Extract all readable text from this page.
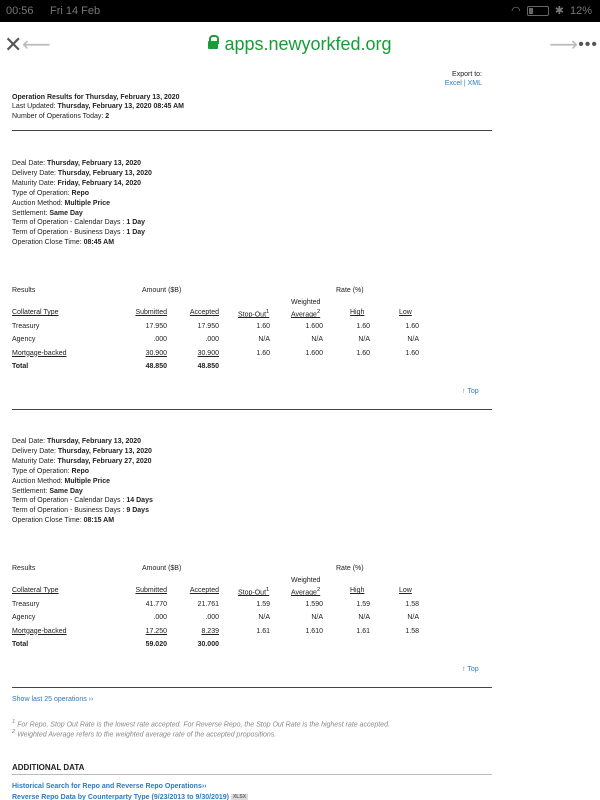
00:56 Fri 14 Feb	◠	✱ 12%
✕ ⟵	apps.newyorkfed.org	⟶ •••
Export to:
Excel | XML
Operation Results for Thursday, February 13, 2020
Last Updated: Thursday, February 13, 2020 08:45 AM
Number of Operations Today: 2
Deal Date: Thursday, February 13, 2020
Delivery Date: Thursday, February 13, 2020
Maturity Date: Friday, February 14, 2020
Type of Operation: Repo
Auction Method: Multiple Price
Settlement: Same Day
Term of Operation - Calendar Days : 1 Day
Term of Operation - Business Days : 1 Day
Operation Close Time: 08:45 AM
Results	Amount ($B)	Rate (%)
Weighted
Collateral Type	Submitted	Accepted	Stop-Out$^1$	Average$^2$	High	Low
Treasury	17.950	17.950	1.60	1.600	1.60	1.60
Agency	.000	.000	N/A	N/A	N/A	N/A
Mortgage-backed	30.900	30.900	1.60	1.600	1.60	1.60
Total	48.850	48.850
↑ Top
Deal Date: Thursday, February 13, 2020
Delivery Date: Thursday, February 13, 2020
Maturity Date: Thursday, February 27, 2020
Type of Operation: Repo
Auction Method: Multiple Price
Settlement: Same Day
Term of Operation - Calendar Days : 14 Days
Term of Operation - Business Days : 9 Days
Operation Close Time: 08:15 AM
Results	Amount ($B)	Rate (%)
Weighted
Collateral Type	Submitted	Accepted	Stop-Out$^1$	Average$^2$	High	Low
Treasury	41.770	21.761	1.59	1.590	1.59	1.58
Agency	.000	.000	N/A	N/A	N/A	N/A
Mortgage-backed	17.250	8.239	1.61	1.610	1.61	1.58
Total	59.020	30.000
↑ Top
Show last 25 operations ››
$^1$ For Repo, Stop Out Rate is the lowest rate accepted. For Reverse Repo, the Stop Out Rate is the highest rate accepted.
$^2$ Weighted Average refers to the weighted average rate of the accepted propositions.
ADDITIONAL DATA
Historical Search for Repo and Reverse Repo Operations››
Reverse Repo Data by Counterparty Type (9/23/2013 to 9/30/2019) XLSX
